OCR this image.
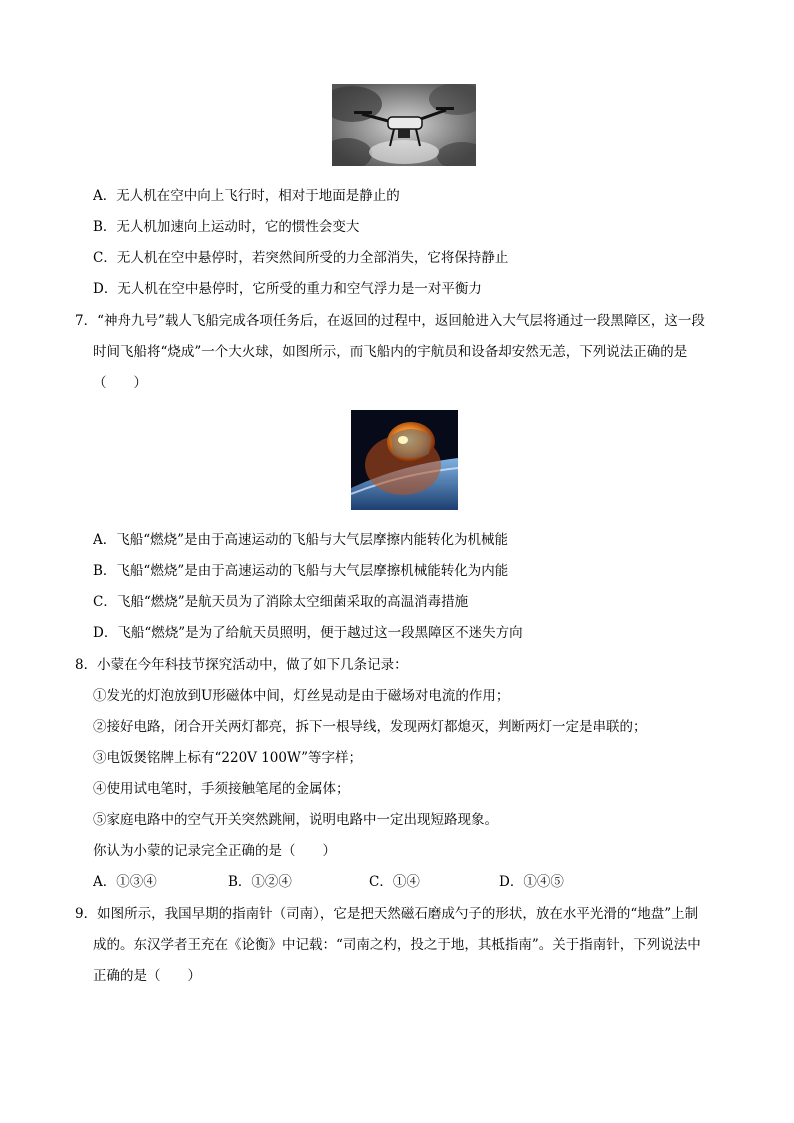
A．无人机在空中向上飞行时，相对于地面是静止的
B．无人机加速向上运动时，它的惯性会变大
C．无人机在空中悬停时，若突然间所受的力全部消失，它将保持静止
D．无人机在空中悬停时，它所受的重力和空气浮力是一对平衡力
7．“神舟九号”载人飞船完成各项任务后，在返回的过程中，返回舱进入大气层将通过一段黑障区，这一段
时间飞船将“烧成”一个大火球，如图所示，而飞船内的宇航员和设备却安然无恙，下列说法正确的是
（　　）
A．飞船“燃烧”是由于高速运动的飞船与大气层摩擦内能转化为机械能
B．飞船“燃烧”是由于高速运动的飞船与大气层摩擦机械能转化为内能
C．飞船“燃烧”是航天员为了消除太空细菌采取的高温消毒措施
D．飞船“燃烧”是为了给航天员照明，便于越过这一段黑障区不迷失方向
8．小蒙在今年科技节探究活动中，做了如下几条记录：
①发光的灯泡放到U形磁体中间，灯丝晃动是由于磁场对电流的作用；
②接好电路，闭合开关两灯都亮，拆下一根导线，发现两灯都熄灭，判断两灯一定是串联的；
③电饭煲铭牌上标有“220V 100W”等字样；
④使用试电笔时，手须接触笔尾的金属体；
⑤家庭电路中的空气开关突然跳闸，说明电路中一定出现短路现象。
你认为小蒙的记录完全正确的是（　　）
A．①③④	B．①②④	C．①④	D．①④⑤
9．如图所示，我国早期的指南针（司南），它是把天然磁石磨成勺子的形状，放在水平光滑的“地盘”上制
成的。东汉学者王充在《论衡》中记载：“司南之杓，投之于地，其柢指南”。关于指南针，下列说法中
正确的是（　　）
